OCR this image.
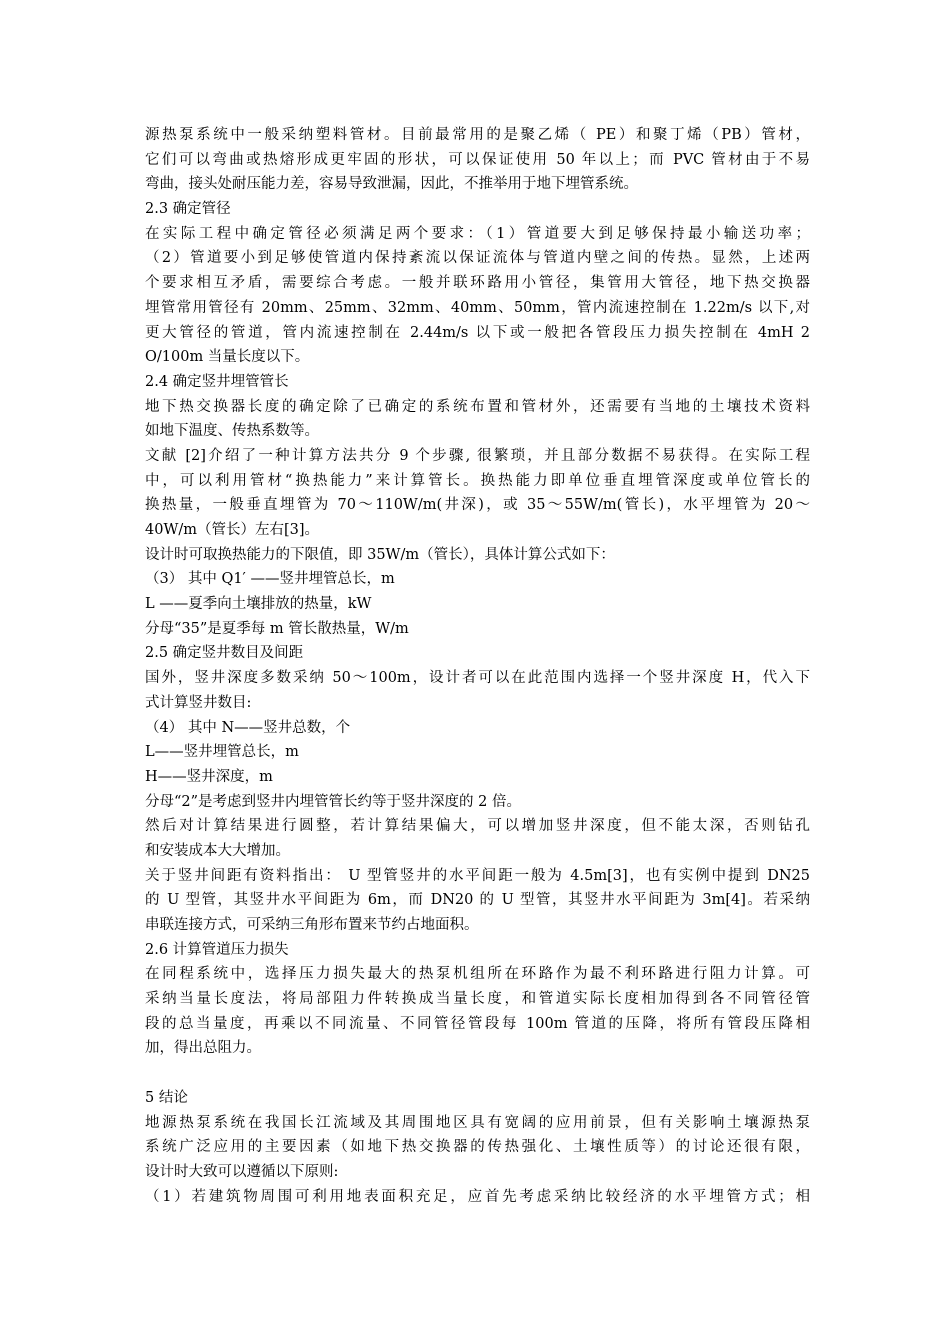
源热泵系统中一般采纳塑料管材。目前最常用的是聚乙烯（ PE）和聚丁烯（PB）管材，
它们可以弯曲或热熔形成更牢固的形状，可以保证使用 50 年以上；而 PVC 管材由于不易
弯曲，接头处耐压能力差，容易导致泄漏，因此，不推举用于地下埋管系统。
2.3 确定管径
在实际工程中确定管径必须满足两个要求：（1）管道要大到足够保持最小输送功率；
（2）管道要小到足够使管道内保持紊流以保证流体与管道内壁之间的传热。显然，上述两
个要求相互矛盾，需要综合考虑。一般并联环路用小管径，集管用大管径，地下热交换器
埋管常用管径有 20mm、25mm、32mm、40mm、50mm，管内流速控制在 1.22m/s 以下,对
更大管径的管道，管内流速控制在 2.44m/s 以下或一般把各管段压力损失控制在 4mH 2
O/100m 当量长度以下。
2.4 确定竖井埋管管长
地下热交换器长度的确定除了已确定的系统布置和管材外，还需要有当地的土壤技术资料
如地下温度、传热系数等。
文献 [2]介绍了一种计算方法共分 9 个步骤, 很繁琐，并且部分数据不易获得。在实际工程
中，可以利用管材“换热能力”来计算管长。换热能力即单位垂直埋管深度或单位管长的
换热量，一般垂直埋管为 70～110W/m(井深)，或 35～55W/m(管长)，水平埋管为 20～
40W/m（管长）左右[3]。
设计时可取换热能力的下限值，即 35W/m（管长），具体计算公式如下：
（3） 其中 Q1′ ——竖井埋管总长，m
L ——夏季向土壤排放的热量，kW
分母“35”是夏季每 m 管长散热量，W/m
2.5 确定竖井数目及间距
国外，竖井深度多数采纳 50～100m，设计者可以在此范围内选择一个竖井深度 H，代入下
式计算竖井数目:
（4） 其中 N——竖井总数，个
L——竖井埋管总长，m
H——竖井深度，m
分母“2”是考虑到竖井内埋管管长约等于竖井深度的 2 倍。
然后对计算结果进行圆整，若计算结果偏大，可以增加竖井深度，但不能太深，否则钻孔
和安装成本大大增加。
关于竖井间距有资料指出： U 型管竖井的水平间距一般为 4.5m[3]，也有实例中提到 DN25
的 U 型管，其竖井水平间距为 6m，而 DN20 的 U 型管，其竖井水平间距为 3m[4]。若采纳
串联连接方式，可采纳三角形布置来节约占地面积。
2.6 计算管道压力损失
在同程系统中，选择压力损失最大的热泵机组所在环路作为最不利环路进行阻力计算。可
采纳当量长度法，将局部阻力件转换成当量长度，和管道实际长度相加得到各不同管径管
段的总当量度，再乘以不同流量、不同管径管段每 100m 管道的压降，将所有管段压降相
加，得出总阻力。
5 结论
地源热泵系统在我国长江流域及其周围地区具有宽阔的应用前景，但有关影响土壤源热泵
系统广泛应用的主要因素（如地下热交换器的传热强化、土壤性质等）的讨论还很有限，
设计时大致可以遵循以下原则:
（1）若建筑物周围可利用地表面积充足，应首先考虑采纳比较经济的水平埋管方式；相
